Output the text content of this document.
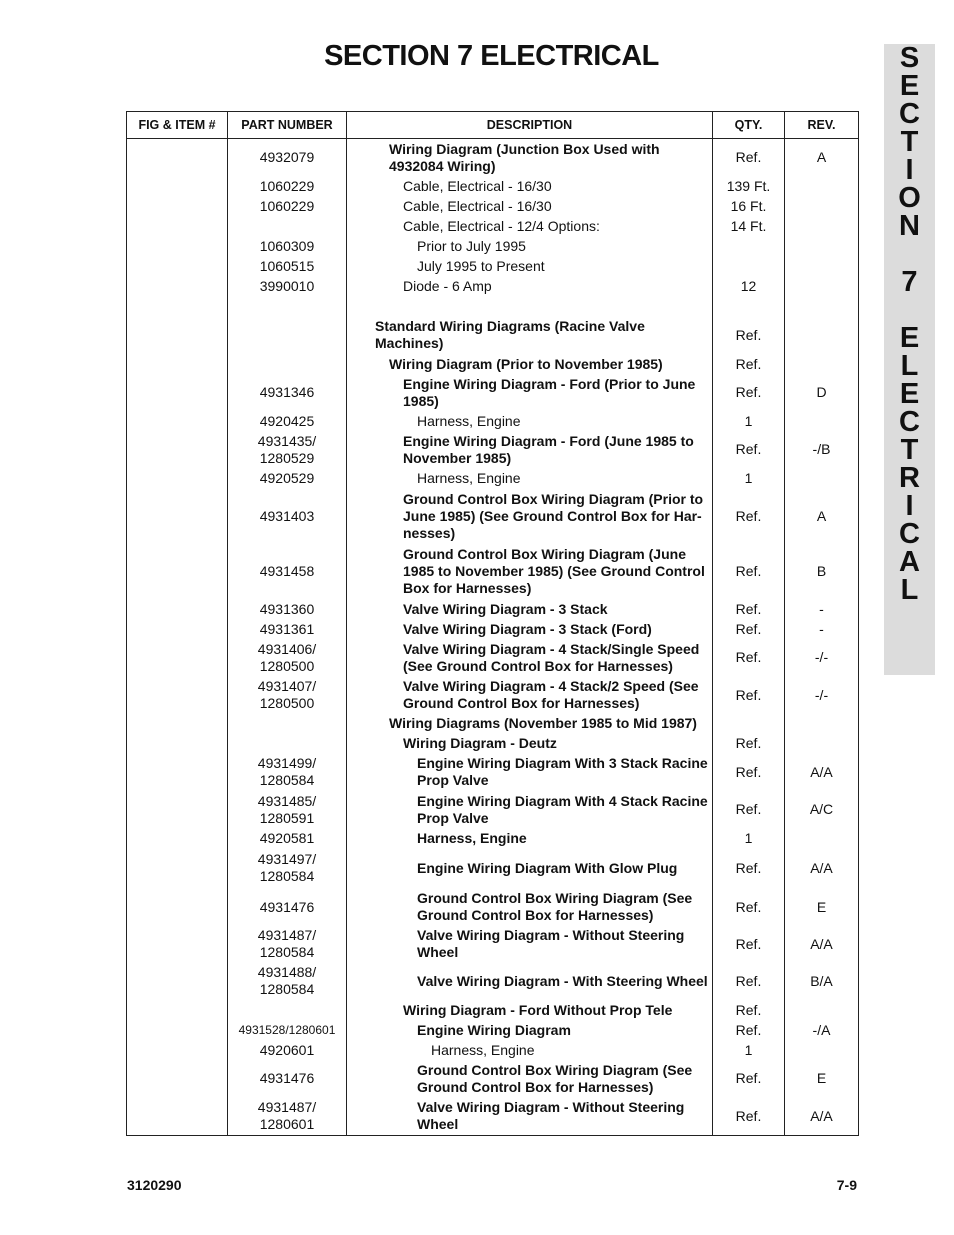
SECTION 7 ELECTRICAL	S
E
C
T
I
O
N
7
E
L
E
C
T
R
I
C
A
L
FIG & ITEM #	PART NUMBER	DESCRIPTION	QTY.	REV.
	4932079	Wiring Diagram (Junction Box Used with 4932084 Wiring)	Ref.	A
	1060229	Cable, Electrical - 16/30	139 Ft.	
	1060229	Cable, Electrical - 16/30	16 Ft.	
		Cable, Electrical - 12/4 Options:	14 Ft.	
	1060309	Prior to July 1995		
	1060515	July 1995 to Present		
	3990010	Diode - 6 Amp	12	

		Standard Wiring Diagrams (Racine Valve Machines)	Ref.	
		Wiring Diagram (Prior to November 1985)	Ref.	
	4931346	Engine Wiring Diagram - Ford (Prior to June 1985)	Ref.	D
	4920425	Harness, Engine	1	
	4931435/ 1280529	Engine Wiring Diagram - Ford (June 1985 to November 1985)	Ref.	-/B
	4920529	Harness, Engine	1	
	4931403	Ground Control Box Wiring Diagram (Prior to June 1985) (See Ground Control Box for Har- nesses)	Ref.	A
	4931458	Ground Control Box Wiring Diagram (June 1985 to November 1985) (See Ground Control Box for Harnesses)	Ref.	B
	4931360	Valve Wiring Diagram - 3 Stack	Ref.	-
	4931361	Valve Wiring Diagram - 3 Stack (Ford)	Ref.	-
	4931406/ 1280500	Valve Wiring Diagram - 4 Stack/Single Speed (See Ground Control Box for Harnesses)	Ref.	-/-
	4931407/ 1280500	Valve Wiring Diagram - 4 Stack/2 Speed (See Ground Control Box for Harnesses)	Ref.	-/-
		Wiring Diagrams (November 1985 to Mid 1987)		
		Wiring Diagram - Deutz	Ref.	
	4931499/ 1280584	Engine Wiring Diagram With 3 Stack Racine Prop Valve	Ref.	A/A
	4931485/ 1280591	Engine Wiring Diagram With 4 Stack Racine Prop Valve	Ref.	A/C
	4920581	Harness, Engine	1	
	4931497/ 1280584	Engine Wiring Diagram With Glow Plug	Ref.	A/A
	4931476	Ground Control Box Wiring Diagram (See Ground Control Box for Harnesses)	Ref.	E
	4931487/ 1280584	Valve Wiring Diagram - Without Steering Wheel	Ref.	A/A
	4931488/ 1280584	Valve Wiring Diagram - With Steering Wheel	Ref.	B/A
		Wiring Diagram - Ford Without Prop Tele	Ref.	
	4931528/1280601	Engine Wiring Diagram	Ref.	-/A
	4920601	Harness, Engine	1	
	4931476	Ground Control Box Wiring Diagram (See Ground Control Box for Harnesses)	Ref.	E
	4931487/ 1280601	Valve Wiring Diagram - Without Steering Wheel	Ref.	A/A
3120290	7-9
